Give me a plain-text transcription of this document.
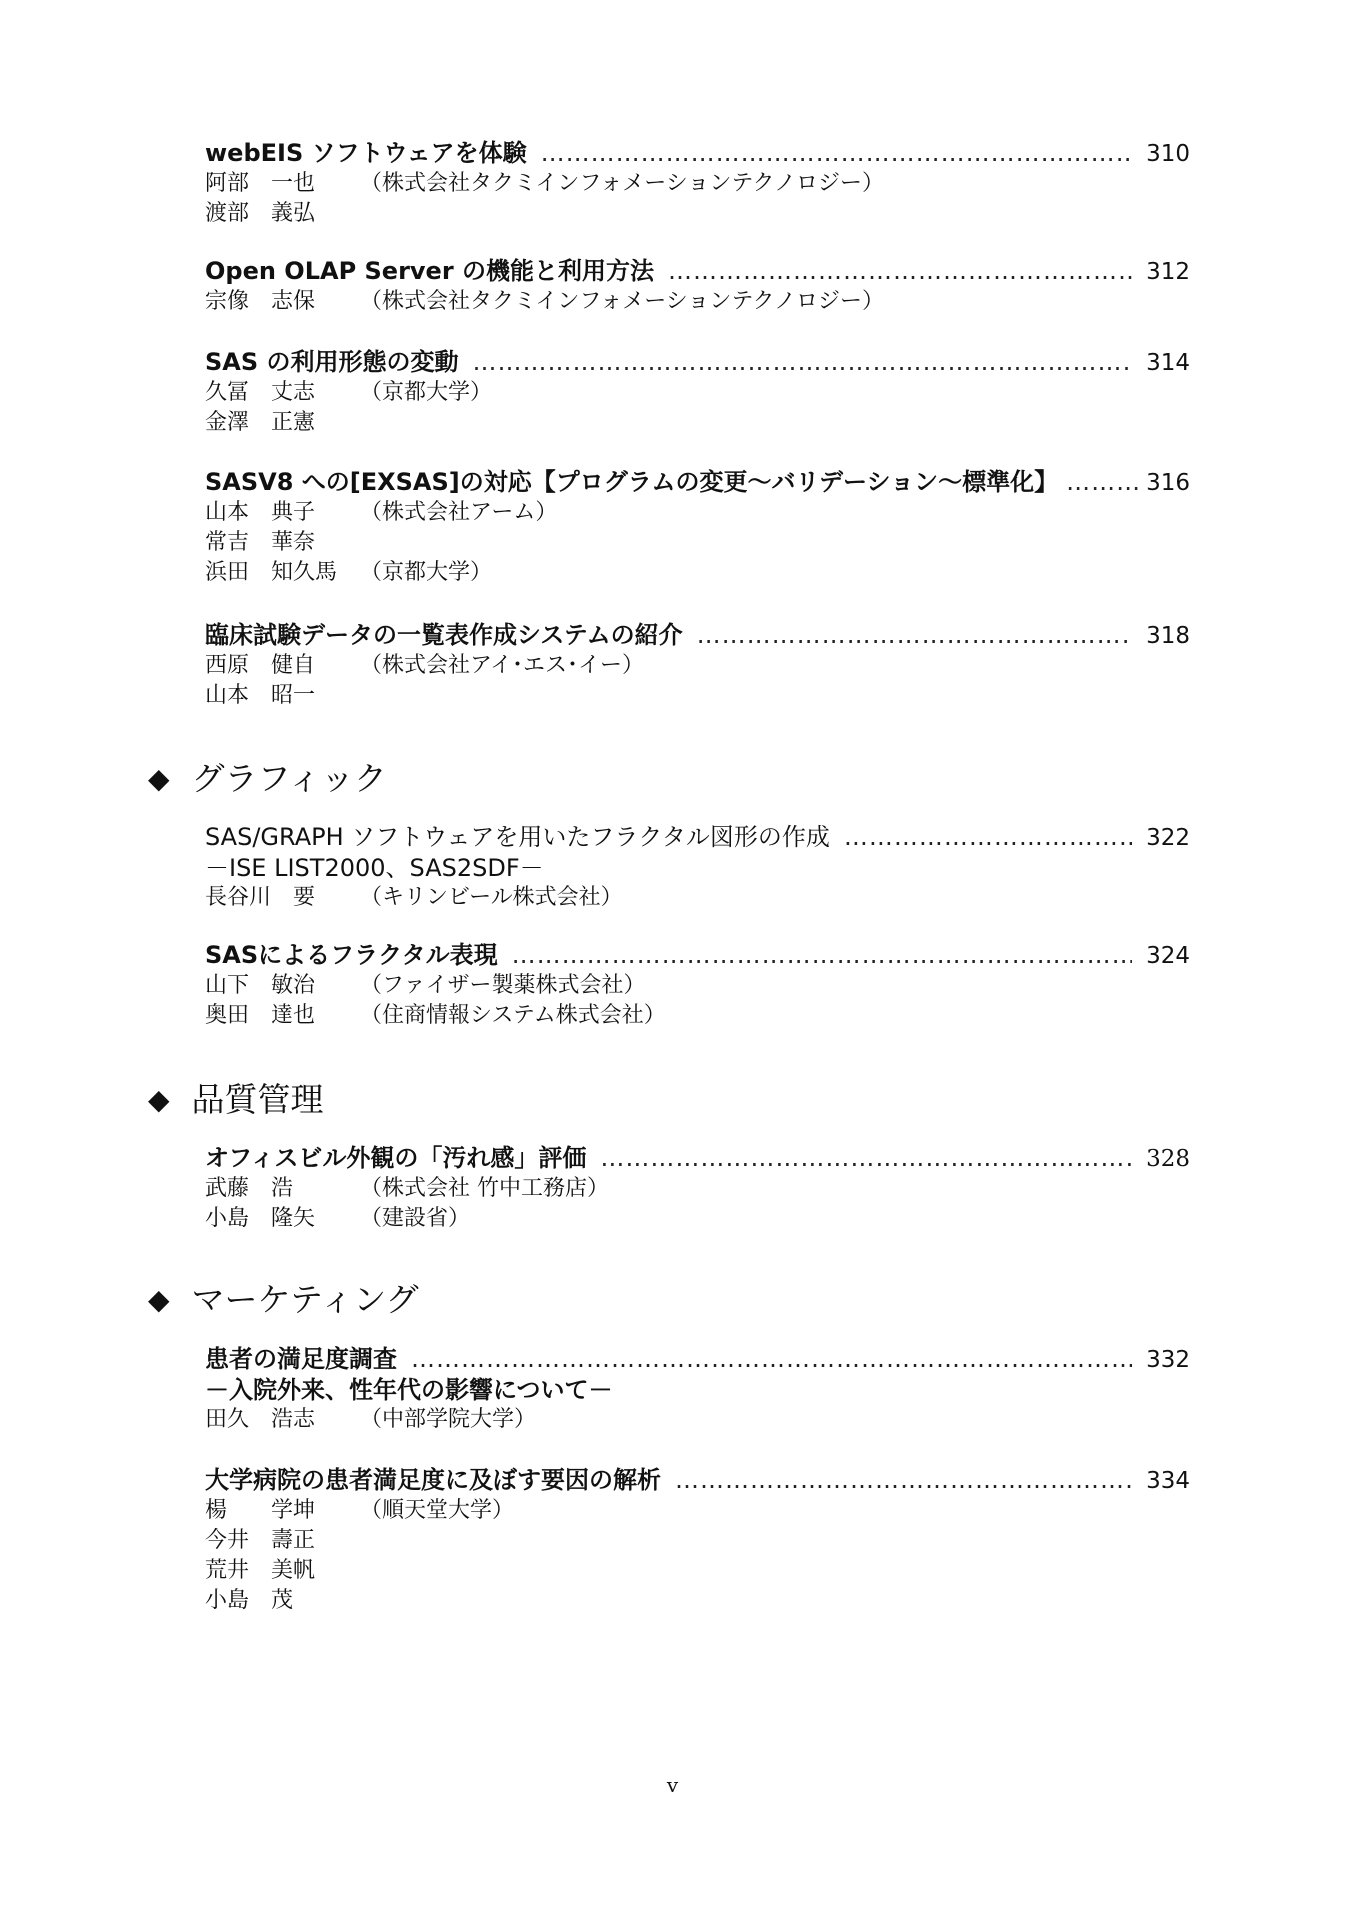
webEIS ソフトウェアを体験 …………………………………………………………………………………………………………………………………………………………	310
阿部　一也	（株式会社タクミインフォメーションテクノロジー）
渡部　義弘
Open OLAP Server の機能と利用方法 …………………………………………………………………………………………………………………………………………………………	312
宗像　志保	（株式会社タクミインフォメーションテクノロジー）
SAS の利用形態の変動 …………………………………………………………………………………………………………………………………………………………	314
久冨　丈志	（京都大学）
金澤　正憲
SASV8 への[EXSAS]の対応【プログラムの変更～バリデーション～標準化】 …………………………………………………………………………………………………………………………………………………………	316
山本　典子	（株式会社アーム）
常吉　華奈
浜田　知久馬	（京都大学）
臨床試験データの一覧表作成システムの紹介 …………………………………………………………………………………………………………………………………………………………	318
西原　健自	（株式会社アイ･エス･イー）
山本　昭一
◆ グラフィック
SAS/GRAPH ソフトウェアを用いたフラクタル図形の作成 …………………………………………………………………………………………………………………………………………………………	322
－ISE LIST2000、SAS2SDF－
長谷川　要	（キリンビール株式会社）
SASによるフラクタル表現 …………………………………………………………………………………………………………………………………………………………	324
山下　敏治	（ファイザー製薬株式会社）
奥田　達也	（住商情報システム株式会社）
◆ 品質管理
オフィスビル外観の「汚れ感」評価 …………………………………………………………………………………………………………………………………………………………	328
武藤　浩	（株式会社 竹中工務店）
小島　隆矢	（建設省）
◆ マーケティング
患者の満足度調査 …………………………………………………………………………………………………………………………………………………………	332
－入院外来、性年代の影響について－
田久　浩志	（中部学院大学）
大学病院の患者満足度に及ぼす要因の解析 …………………………………………………………………………………………………………………………………………………………	334
楊　　学坤	（順天堂大学）
今井　壽正
荒井　美帆
小島　茂
v
